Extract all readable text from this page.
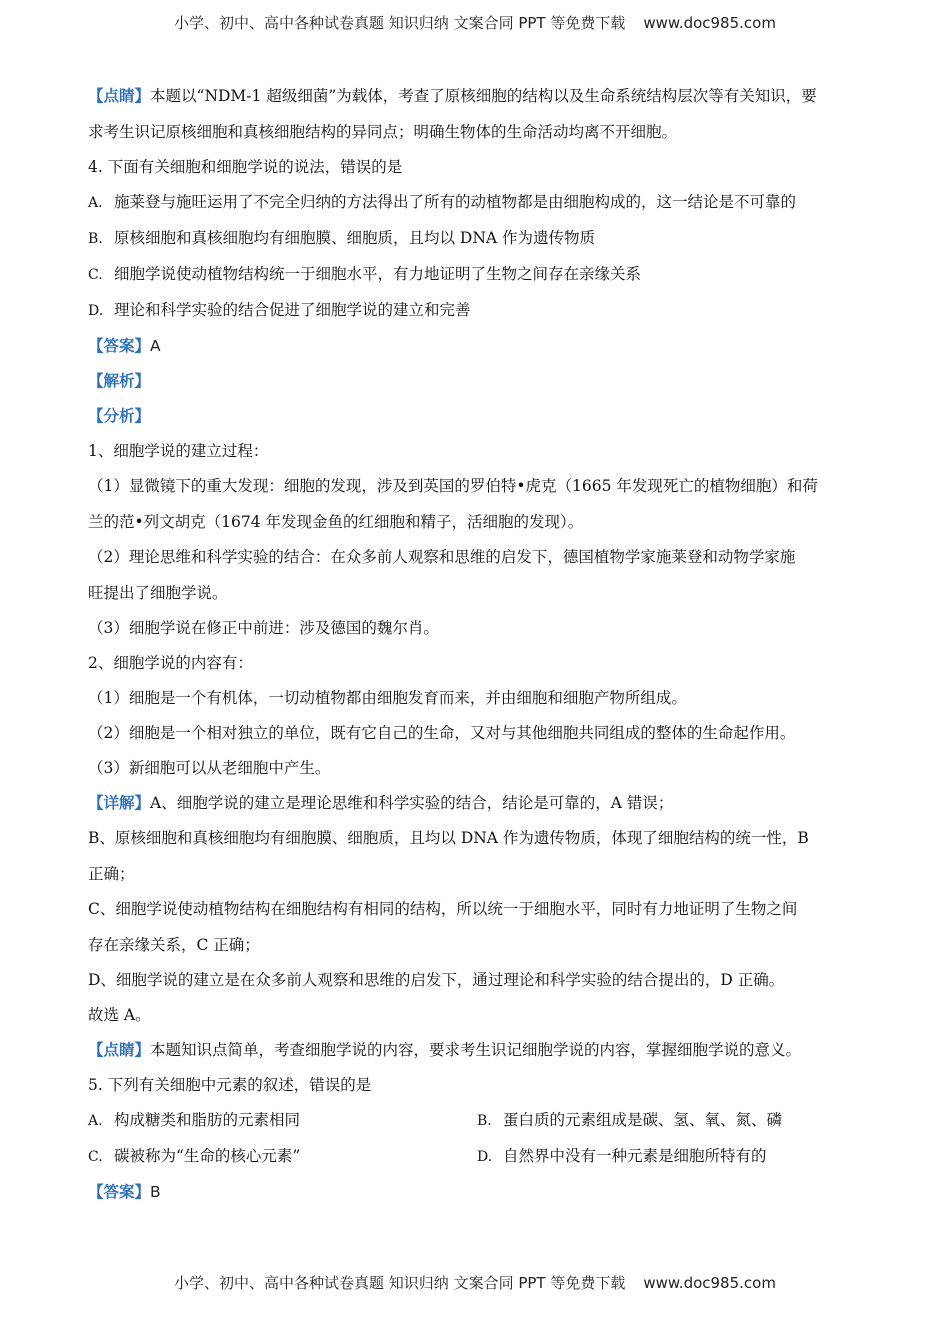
小学、初中、高中各种试卷真题 知识归纳 文案合同 PPT 等免费下载 www.doc985.com
【点睛】本题以“NDM-1 超级细菌”为载体，考查了原核细胞的结构以及生命系统结构层次等有关知识，要
求考生识记原核细胞和真核细胞结构的异同点；明确生物体的生命活动均离不开细胞。
4. 下面有关细胞和细胞学说的说法，错误的是
A. 施莱登与施旺运用了不完全归纳的方法得出了所有的动植物都是由细胞构成的，这一结论是不可靠的
B. 原核细胞和真核细胞均有细胞膜、细胞质，且均以 DNA 作为遗传物质
C. 细胞学说使动植物结构统一于细胞水平，有力地证明了生物之间存在亲缘关系
D. 理论和科学实验的结合促进了细胞学说的建立和完善
【答案】A
【解析】
【分析】
1、细胞学说的建立过程：
（1）显微镜下的重大发现：细胞的发现，涉及到英国的罗伯特•虎克（1665 年发现死亡的植物细胞）和荷
兰的范•列文胡克（1674 年发现金鱼的红细胞和精子，活细胞的发现）。
（2）理论思维和科学实验的结合：在众多前人观察和思维的启发下，德国植物学家施莱登和动物学家施
旺提出了细胞学说。
（3）细胞学说在修正中前进：涉及德国的魏尔肖。
2、细胞学说的内容有：
（1）细胞是一个有机体，一切动植物都由细胞发育而来，并由细胞和细胞产物所组成。
（2）细胞是一个相对独立的单位，既有它自己的生命，又对与其他细胞共同组成的整体的生命起作用。
（3）新细胞可以从老细胞中产生。
【详解】A、细胞学说的建立是理论思维和科学实验的结合，结论是可靠的，A 错误；
B、原核细胞和真核细胞均有细胞膜、细胞质，且均以 DNA 作为遗传物质，体现了细胞结构的统一性，B
正确；
C、细胞学说使动植物结构在细胞结构有相同的结构，所以统一于细胞水平，同时有力地证明了生物之间
存在亲缘关系，C 正确；
D、细胞学说的建立是在众多前人观察和思维的启发下，通过理论和科学实验的结合提出的，D 正确。
故选 A。
【点睛】本题知识点简单，考查细胞学说的内容，要求考生识记细胞学说的内容，掌握细胞学说的意义。
5. 下列有关细胞中元素的叙述，错误的是
A. 构成糖类和脂肪的元素相同	B. 蛋白质的元素组成是碳、氢、氧、氮、磷
C. 碳被称为“生命的核心元素”	D. 自然界中没有一种元素是细胞所特有的
【答案】B
小学、初中、高中各种试卷真题 知识归纳 文案合同 PPT 等免费下载 www.doc985.com
